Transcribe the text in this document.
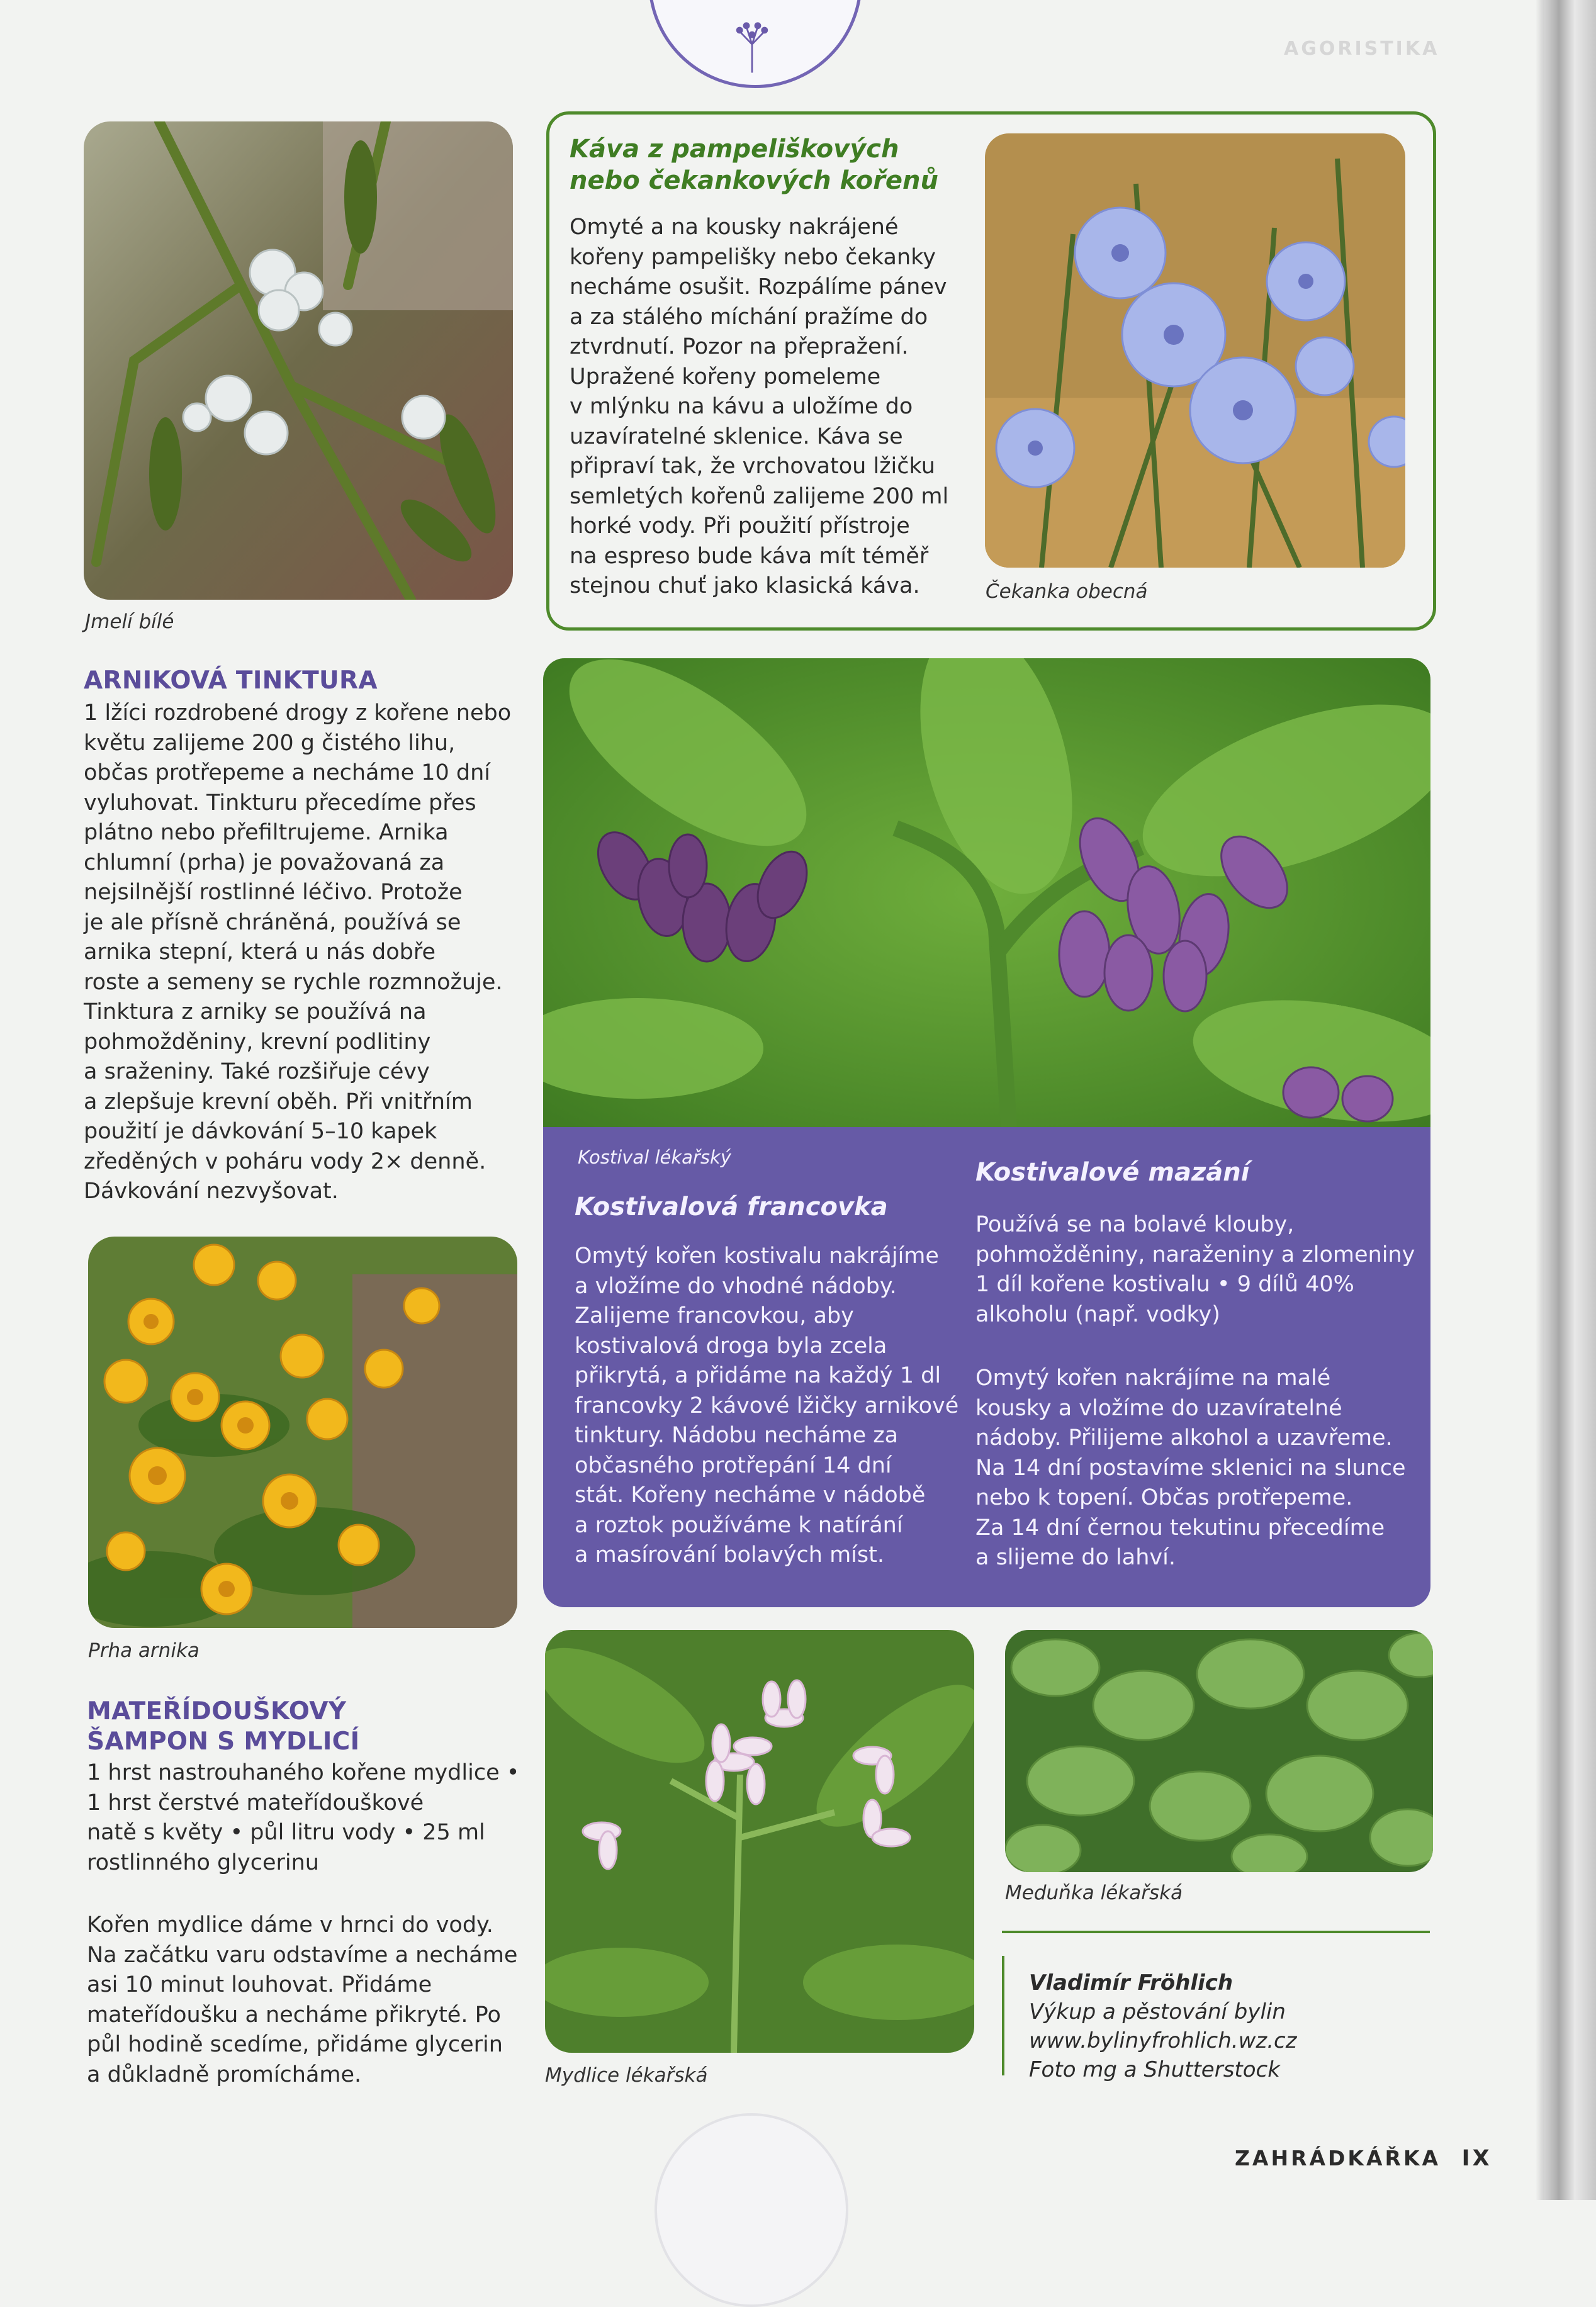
AGORISTIKA
Jmelí bílé
Káva z pampeliškových
nebo čekankových kořenů

Omyté a na kousky nakrájené

kořeny pampelišky nebo čekanky

necháme osušit. Rozpálíme pánev

a za stálého míchání pražíme do

ztvrdnutí. Pozor na přepražení.

Upražené kořeny pomeleme

v mlýnku na kávu a uložíme do

uzavíratelné sklenice. Káva se

připraví tak, že vrchovatou lžičku

semletých kořenů zalijeme 200 ml

horké vody. Při použití přístroje

na espreso bude káva mít téměř

stejnou chuť jako klasická káva.	Čekanka obecná
ARNIKOVÁ TINKTURA

1 lžíci rozdrobené drogy z kořene nebo

květu zalijeme 200 g čistého lihu,

občas protřepeme a necháme 10 dní

vyluhovat. Tinkturu přecedíme přes

plátno nebo přefiltrujeme. Arnika

chlumní (prha) je považovaná za

nejsilnější rostlinné léčivo. Protože

je ale přísně chráněná, používá se

arnika stepní, která u nás dobře

roste a semeny se rychle rozmnožuje.

Tinktura z arniky se používá na

pohmožděniny, krevní podlitiny

a sraženiny. Také rozšiřuje cévy

a zlepšuje krevní oběh. Při vnitřním

použití je dávkování 5–10 kapek

zředěných v poháru vody 2× denně.

Dávkování nezvyšovat.

Kostival lékařský
Kostivalová francovka

Omytý kořen kostivalu nakrájíme

a vložíme do vhodné nádoby.

Zalijeme francovkou, aby

kostivalová droga byla zcela

přikrytá, a přidáme na každý 1 dl

francovky 2 kávové lžičky arnikové

tinktury. Nádobu necháme za

občasného protřepání 14 dní

stát. Kořeny necháme v nádobě

a roztok používáme k natírání

a masírování bolavých míst.

Kostivalové mazání

Používá se na bolavé klouby,

pohmožděniny, naraženiny a zlomeniny

1 díl kořene kostivalu • 9 dílů 40%

alkoholu (např. vodky)

Omytý kořen nakrájíme na malé

kousky a vložíme do uzavíratelné

nádoby. Přilijeme alkohol a uzavřeme.

Na 14 dní postavíme sklenici na slunce

nebo k topení. Občas protřepeme.

Za 14 dní černou tekutinu přecedíme

a slijeme do lahví.

Prha arnika
MATEŘÍDOUŠKOVÝ
ŠAMPON S MYDLICÍ

1 hrst nastrouhaného kořene mydlice •

1 hrst čerstvé mateřídouškové

natě s květy • půl litru vody • 25 ml

rostlinného glycerinu

Kořen mydlice dáme v hrnci do vody.

Na začátku varu odstavíme a necháme

asi 10 minut louhovat. Přidáme

mateřídoušku a necháme přikryté. Po

půl hodině scedíme, přidáme glycerin

a důkladně promícháme.	Mydlice lékařská
Meduňka lékařská
Vladimír Fröhlich
Výkup a pěstování bylin
www.bylinyfrohlich.wz.cz
Foto mg a Shutterstock
ZAHRÁDKÁŘKA IX
